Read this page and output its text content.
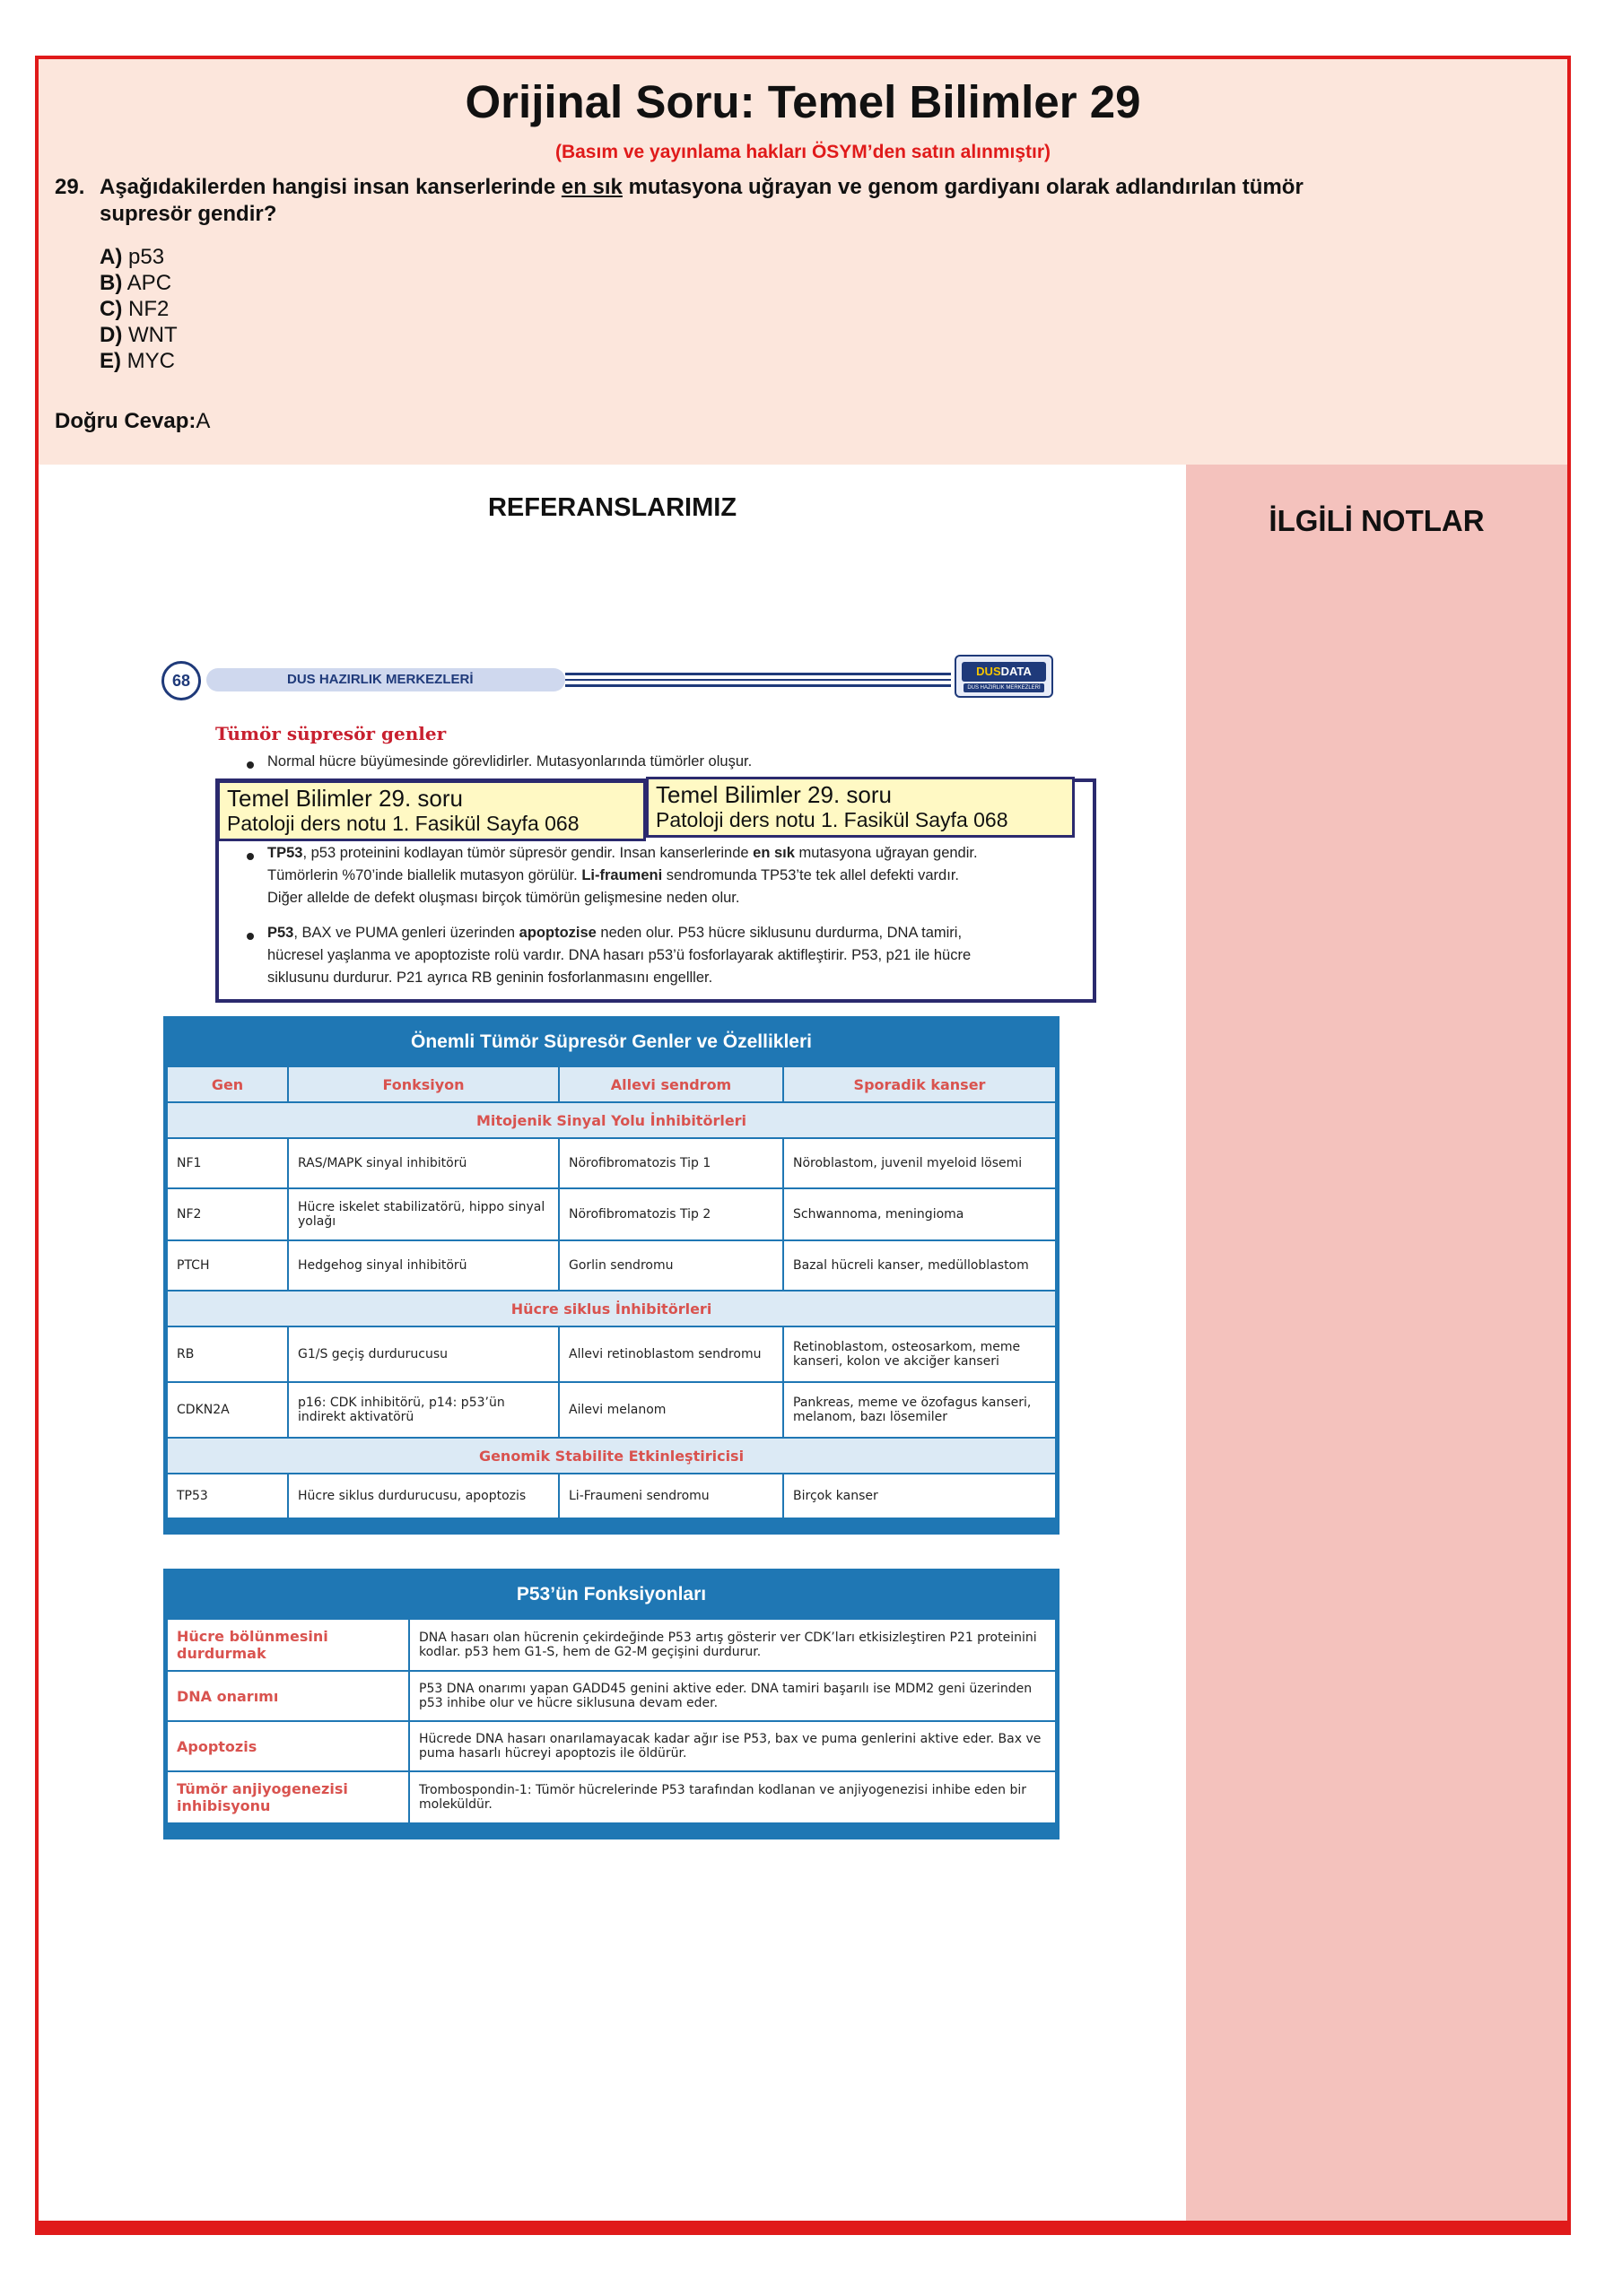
Orijinal Soru: Temel Bilimler 29
(Basım ve yayınlama hakları ÖSYM’den satın alınmıştır)
29. Aşağıdakilerden hangisi insan kanserlerinde en sık mutasyona uğrayan ve genom gardiyanı olarak adlandırılan tümör
supresör gendir?
A) p53
B) APC
C) NF2
D) WNT
E) MYC
Doğru Cevap:A
İLGİLİ NOTLAR
REFERANSLARIMIZ
68	DUS HAZIRLIK MERKEZLERİ
DUSDATA
DUS HAZIRLIK MERKEZLERİ
Tümör süpresör genler
Normal hücre büyümesinde görevlidirler. Mutasyonlarında tümörler oluşur.
Temel Bilimler 29. soru
Patoloji ders notu 1. Fasikül Sayfa 068
Temel Bilimler 29. soru
Patoloji ders notu 1. Fasikül Sayfa 068
TP53, p53 proteinini kodlayan tümör süpresör gendir. Insan kanserlerinde en sık mutasyona uğrayan gendir.
Tümörlerin %70’inde biallelik mutasyon görülür. Li-fraumeni sendromunda TP53’te tek allel defekti vardır.
Diğer allelde de defekt oluşması birçok tümörün gelişmesine neden olur.
P53, BAX ve PUMA genleri üzerinden apoptozise neden olur. P53 hücre siklusunu durdurma, DNA tamiri,
hücresel yaşlanma ve apoptoziste rolü vardır. DNA hasarı p53’ü fosforlayarak aktifleştirir. P53, p21 ile hücre
siklusunu durdurur. P21 ayrıca RB geninin fosforlanmasını engelller.
Önemli Tümör Süpresör Genler ve Özellikleri
Gen	Fonksiyon	Allevi sendrom	Sporadik kanser
Mitojenik Sinyal Yolu İnhibitörleri			
NF1	RAS/MAPK sinyal inhibitörü	Nörofibromatozis Tip 1	Nöroblastom, juvenil myeloid lösemi
NF2	Hücre iskelet stabilizatörü, hippo sinyal yolağı	Nörofibromatozis Tip 2	Schwannoma, meningioma
PTCH	Hedgehog sinyal inhibitörü	Gorlin sendromu	Bazal hücreli kanser, medülloblastom
Hücre siklus İnhibitörleri			
RB	G1/S geçiş durdurucusu	Allevi retinoblastom sendromu	Retinoblastom, osteosarkom, meme kanseri, kolon ve akciğer kanseri
CDKN2A	p16: CDK inhibitörü, p14: p53’ün indirekt aktivatörü	Ailevi melanom	Pankreas, meme ve özofagus kanseri, melanom, bazı lösemiler
Genomik Stabilite Etkinleştiricisi			
TP53	Hücre siklus durdurucusu, apoptozis	Li-Fraumeni sendromu	Birçok kanser
P53’ün Fonksiyonları
Hücre bölünmesini durdurmak	DNA hasarı olan hücrenin çekirdeğinde P53 artış gösterir ver CDK’ları etkisizleştiren P21 proteinini kodlar. p53 hem G1-S, hem de G2-M geçişini durdurur.
DNA onarımı	P53 DNA onarımı yapan GADD45 genini aktive eder. DNA tamiri başarılı ise MDM2 geni üzerinden p53 inhibe olur ve hücre siklusuna devam eder.
Apoptozis	Hücrede DNA hasarı onarılamayacak kadar ağır ise P53, bax ve puma genlerini aktive eder. Bax ve puma hasarlı hücreyi apoptozis ile öldürür.
Tümör anjiyogenezisi inhibisyonu	Trombospondin-1: Tümör hücrelerinde P53 tarafından kodlanan ve anjiyogenezisi inhibe eden bir moleküldür.
